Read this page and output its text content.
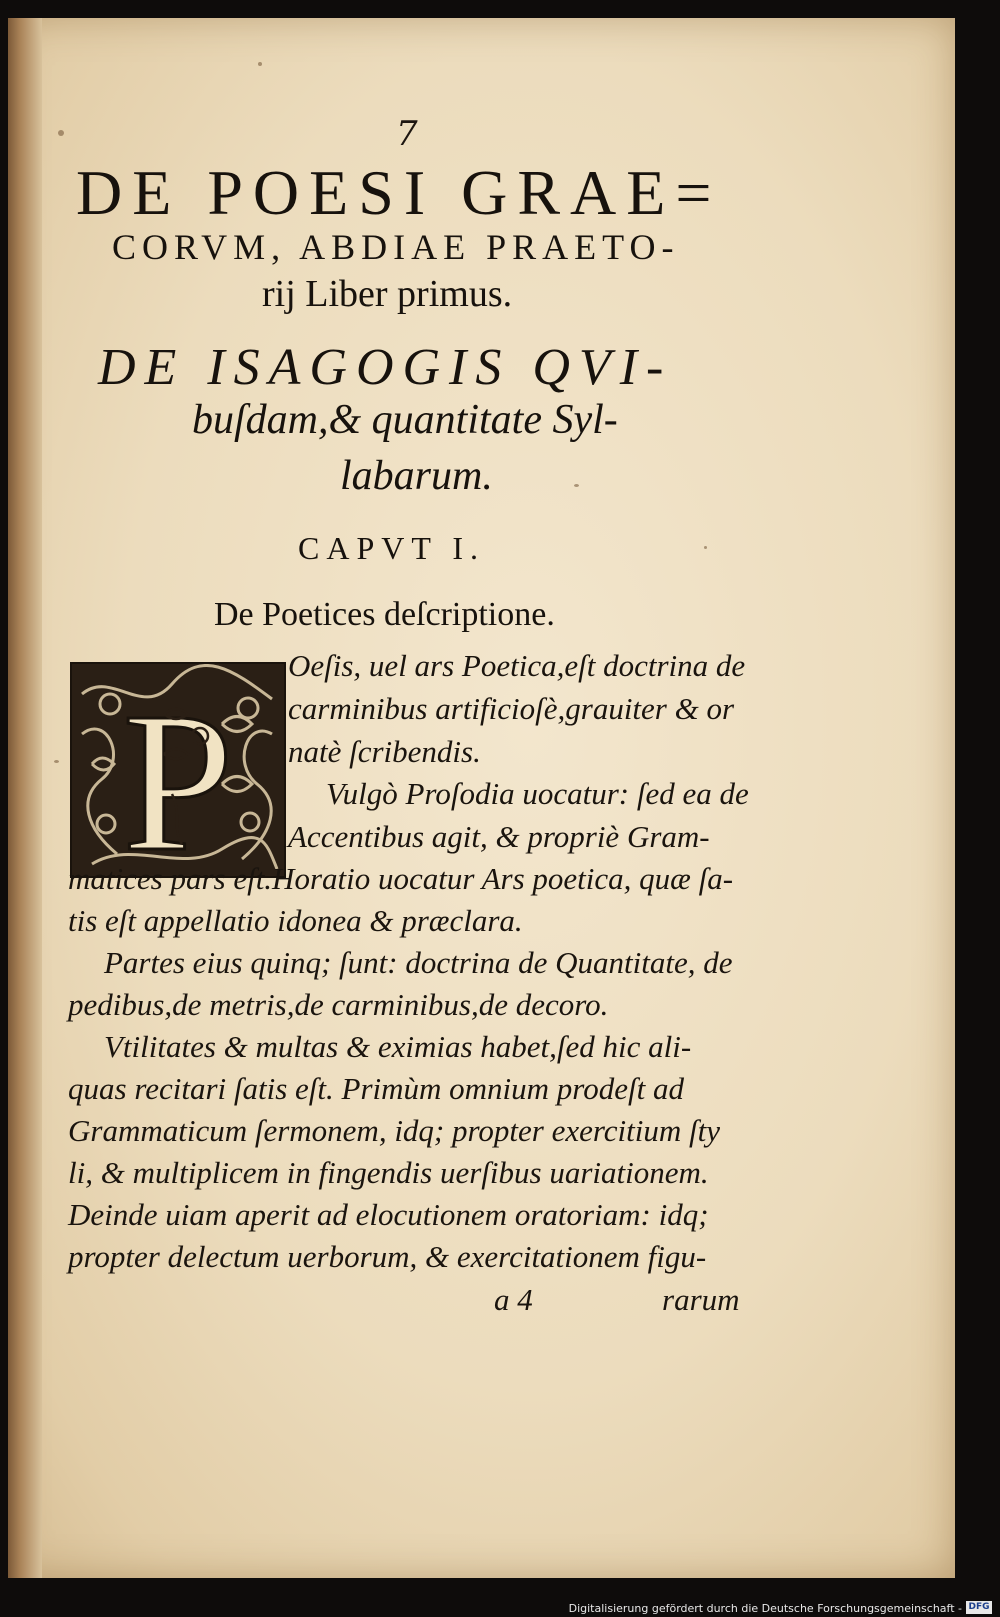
7
DE POESI GRAE=
CORVM, ABDIAE PRAETO-
rij Liber primus.
DE ISAGOGIS QVI-
buſdam,& quantitate Syl-
labarum.
CAPVT I.
De Poetices deſcriptione.
P
Oeſis, uel ars Poetica,eſt doctrina de
carminibus artificioſè,grauiter & or
natè ſcribendis.
Vulgò Proſodia uocatur: ſed ea de
Accentibus agit, & propriè Gram-
matices pars eſt.Horatio uocatur Ars poetica, quæ ſa-
tis eſt appellatio idonea & præclara.
Partes eius quinq; ſunt: doctrina de Quantitate, de
pedibus,de metris,de carminibus,de decoro.
Vtilitates & multas & eximias habet,ſed hic ali-
quas recitari ſatis eſt. Primùm omnium prodeſt ad
Grammaticum ſermonem, idq; propter exercitium ſty
li, & multiplicem in fingendis uerſibus uariationem.
Deinde uiam aperit ad elocutionem oratoriam: idq;
propter delectum uerborum, & exercitationem figu-
a 4	rarum
Digitalisierung gefördert durch die Deutsche Forschungsgemeinschaft - DFG
